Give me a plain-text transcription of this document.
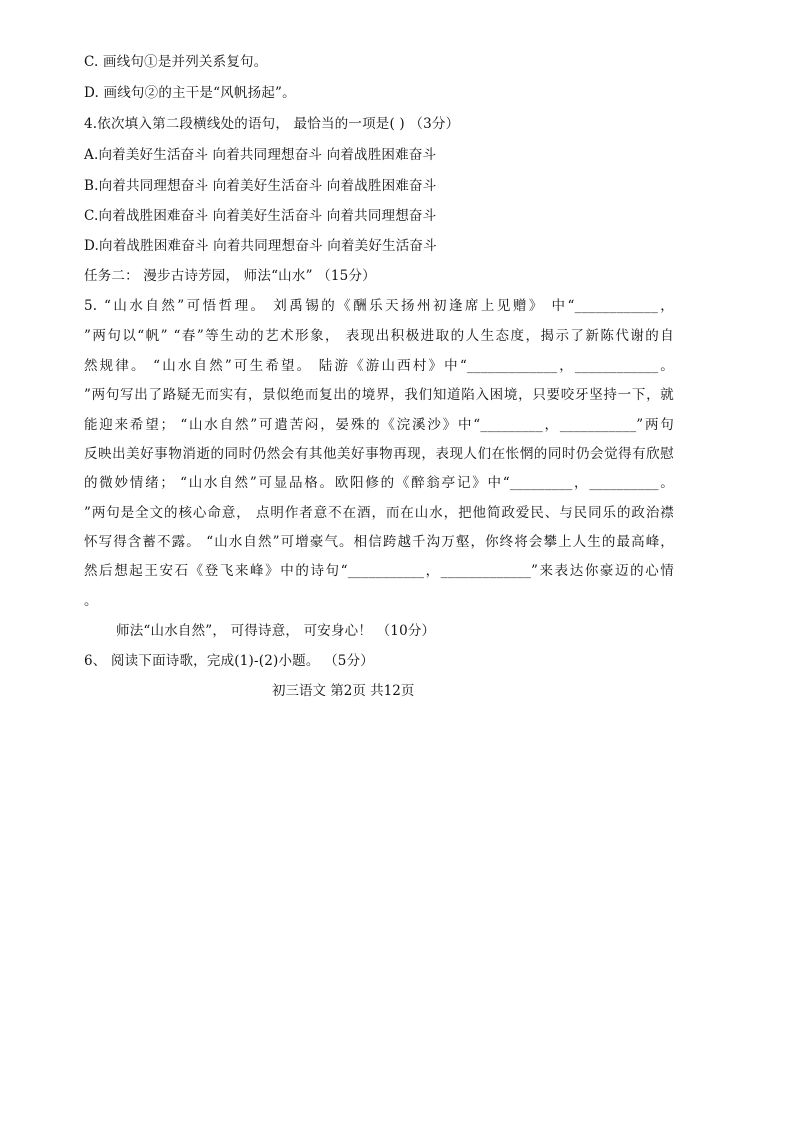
C. 画线句①是并列关系复句。
D. 画线句②的主干是“风帆扬起”。
4.依次填入第二段横线处的语句， 最恰当的一项是( ) （3分）
A.向着美好生活奋斗 向着共同理想奋斗 向着战胜困难奋斗
B.向着共同理想奋斗 向着美好生活奋斗 向着战胜困难奋斗
C.向着战胜困难奋斗 向着美好生活奋斗 向着共同理想奋斗
D.向着战胜困难奋斗 向着共同理想奋斗 向着美好生活奋斗
任务二： 漫步古诗芳园， 师法“山水” （15分）
5. “山水自然”可悟哲理。 刘禹锡的《酬乐天扬州初逢席上见赠》 中“____________，
”两句以“帆” “春”等生动的艺术形象， 表现出积极进取的人生态度，揭示了新陈代谢的自
然规律。 “山水自然”可生希望。 陆游《游山西村》中“_____________，____________。
”两句写出了路疑无而实有，景似绝而复出的境界，我们知道陷入困境，只要咬牙坚持一下，就
能迎来希望； “山水自然”可遣苦闷，晏殊的《浣溪沙》中“_________，___________”两句
反映出美好事物消逝的同时仍然会有其他美好事物再现，表现人们在怅惘的同时仍会觉得有欣慰
的微妙情绪； “山水自然”可显品格。欧阳修的《醉翁亭记》中“_________，__________。
”两句是全文的核心命意， 点明作者意不在酒，而在山水，把他简政爱民、与民同乐的政治襟
怀写得含蓄不露。 “山水自然”可增豪气。相信跨越千沟万壑，你终将会攀上人生的最高峰，
然后想起王安石《登飞来峰》中的诗句“___________，_____________”来表达你豪迈的心情
。
师法“山水自然”， 可得诗意， 可安身心！ （10分）
6、 阅读下面诗歌，完成(1)-(2)小题。 （5分）
初三语文 第2页 共12页
